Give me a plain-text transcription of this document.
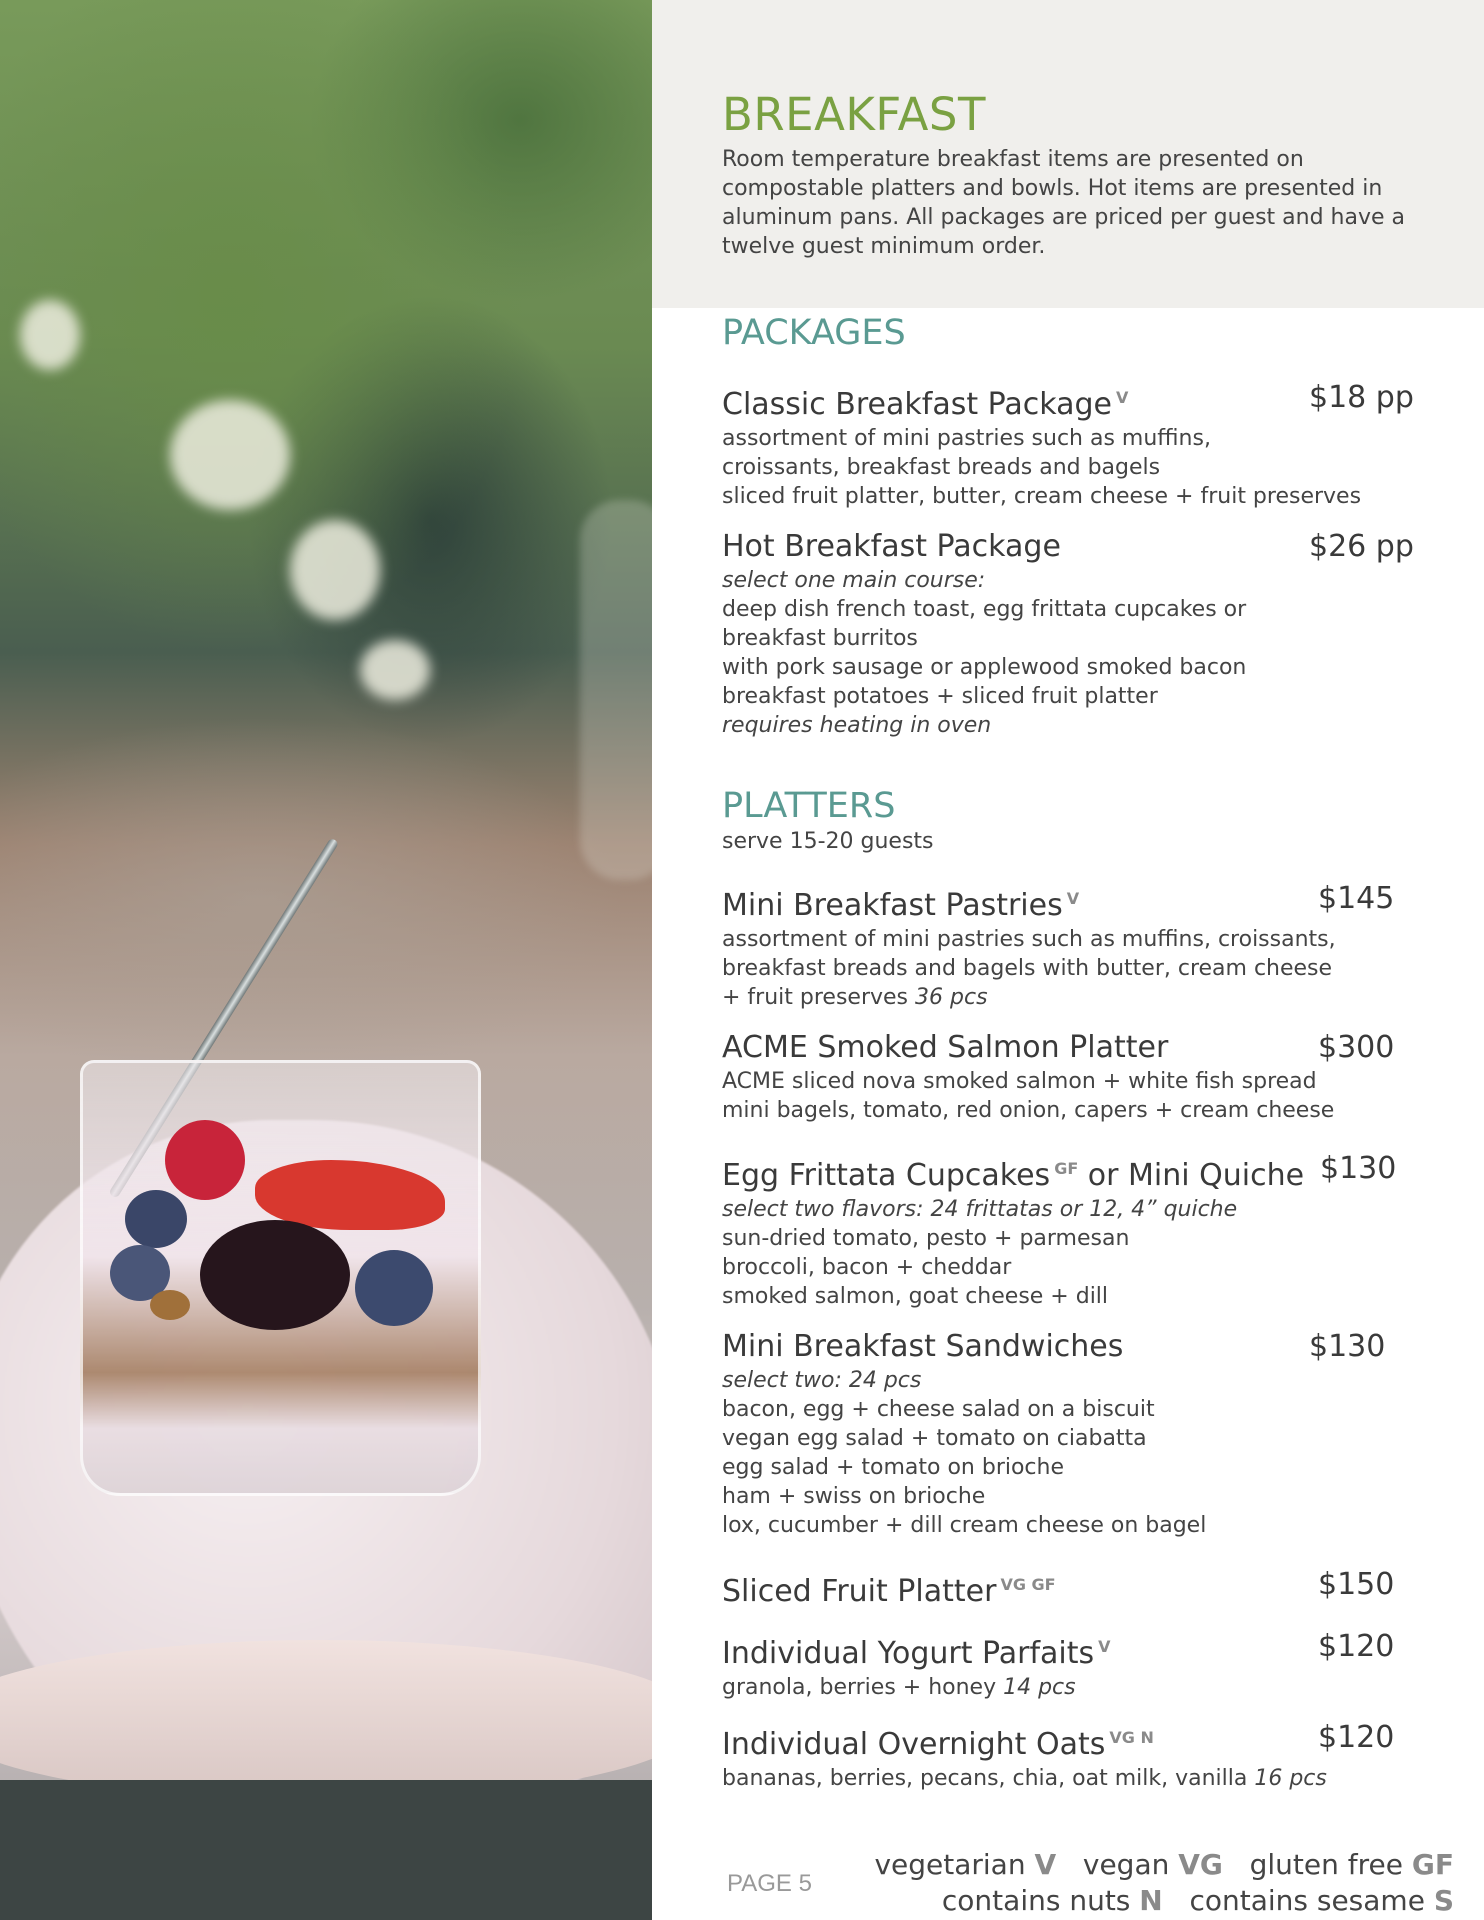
BREAKFAST

Room temperature breakfast items are presented on compostable platters and bowls. Hot items are presented in aluminum pans. All packages are priced per guest and have a twelve guest minimum order.

PACKAGES
Classic Breakfast Package $^V$	$18 pp
assortment of mini pastries such as muffins,
croissants, breakfast breads and bagels
sliced fruit platter, butter, cream cheese + fruit preserves
Hot Breakfast Package	$26 pp
select one main course:
deep dish french toast, egg frittata cupcakes or
breakfast burritos
with pork sausage or applewood smoked bacon
breakfast potatoes + sliced fruit platter
requires heating in oven
PLATTERS
serve 15-20 guests
Mini Breakfast Pastries $^V$	$145
assortment of mini pastries such as muffins, croissants,
breakfast breads and bagels with butter, cream cheese
+ fruit preserves 36 pcs
ACME Smoked Salmon Platter	$300
ACME sliced nova smoked salmon + white fish spread
mini bagels, tomato, red onion, capers + cream cheese
Egg Frittata Cupcakes $^{GF}$ or Mini Quiche $130
select two flavors: 24 frittatas or 12, 4” quiche
sun-dried tomato, pesto + parmesan
broccoli, bacon + cheddar
smoked salmon, goat cheese + dill
Mini Breakfast Sandwiches	$130
select two: 24 pcs
bacon, egg + cheese salad on a biscuit
vegan egg salad + tomato on ciabatta
egg salad + tomato on brioche
ham + swiss on brioche
lox, cucumber + dill cream cheese on bagel
Sliced Fruit Platter $^{VG GF}$	$150
Individual Yogurt Parfaits $^V$	$120
granola, berries + honey 14 pcs
Individual Overnight Oats $^{VG N}$	$120
bananas, berries, pecans, chia, oat milk, vanilla 16 pcs
PAGE 5
vegetarian V vegan VG gluten free GF
contains nuts N contains sesame S
